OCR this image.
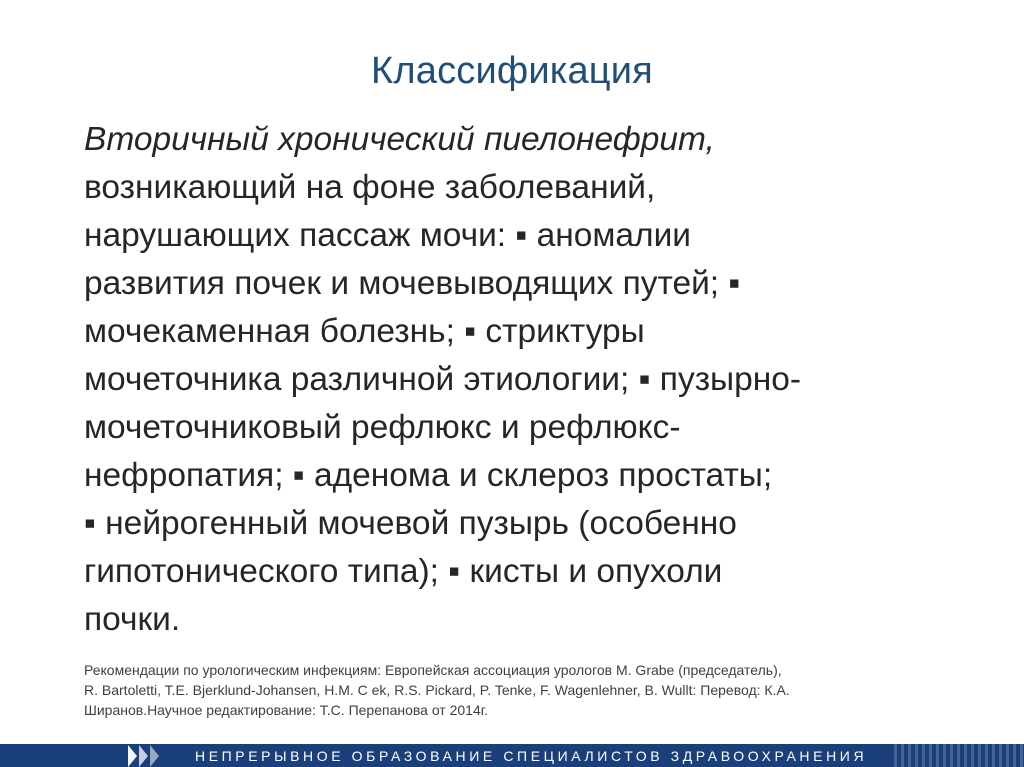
Классификация
Вторичный хронический пиелонефрит,
возникающий на фоне заболеваний,
нарушающих пассаж мочи: ▪ аномалии
развития почек и мочевыводящих путей; ▪
мочекаменная болезнь; ▪ стриктуры
мочеточника различной этиологии; ▪ пузырно-
мочеточниковый рефлюкс и рефлюкс-
нефропатия; ▪ аденома и склероз простаты;
▪ нейрогенный мочевой пузырь (особенно
гипотонического типа); ▪ кисты и опухоли
почки.
Рекомендации по урологическим инфекциям: Европейская ассоциация урологов M. Grabe (председатель),
R. Bartoletti, T.E. Bjerklund-Johansen, H.M. C ek, R.S. Pickard, P. Tenke, F. Wagenlehner, B. Wullt: Перевод: К.А.
Ширанов.Научное редактирование: Т.С. Перепанова от 2014г.
НЕПРЕРЫВНОЕ ОБРАЗОВАНИЕ СПЕЦИАЛИСТОВ ЗДРАВООХРАНЕНИЯ
